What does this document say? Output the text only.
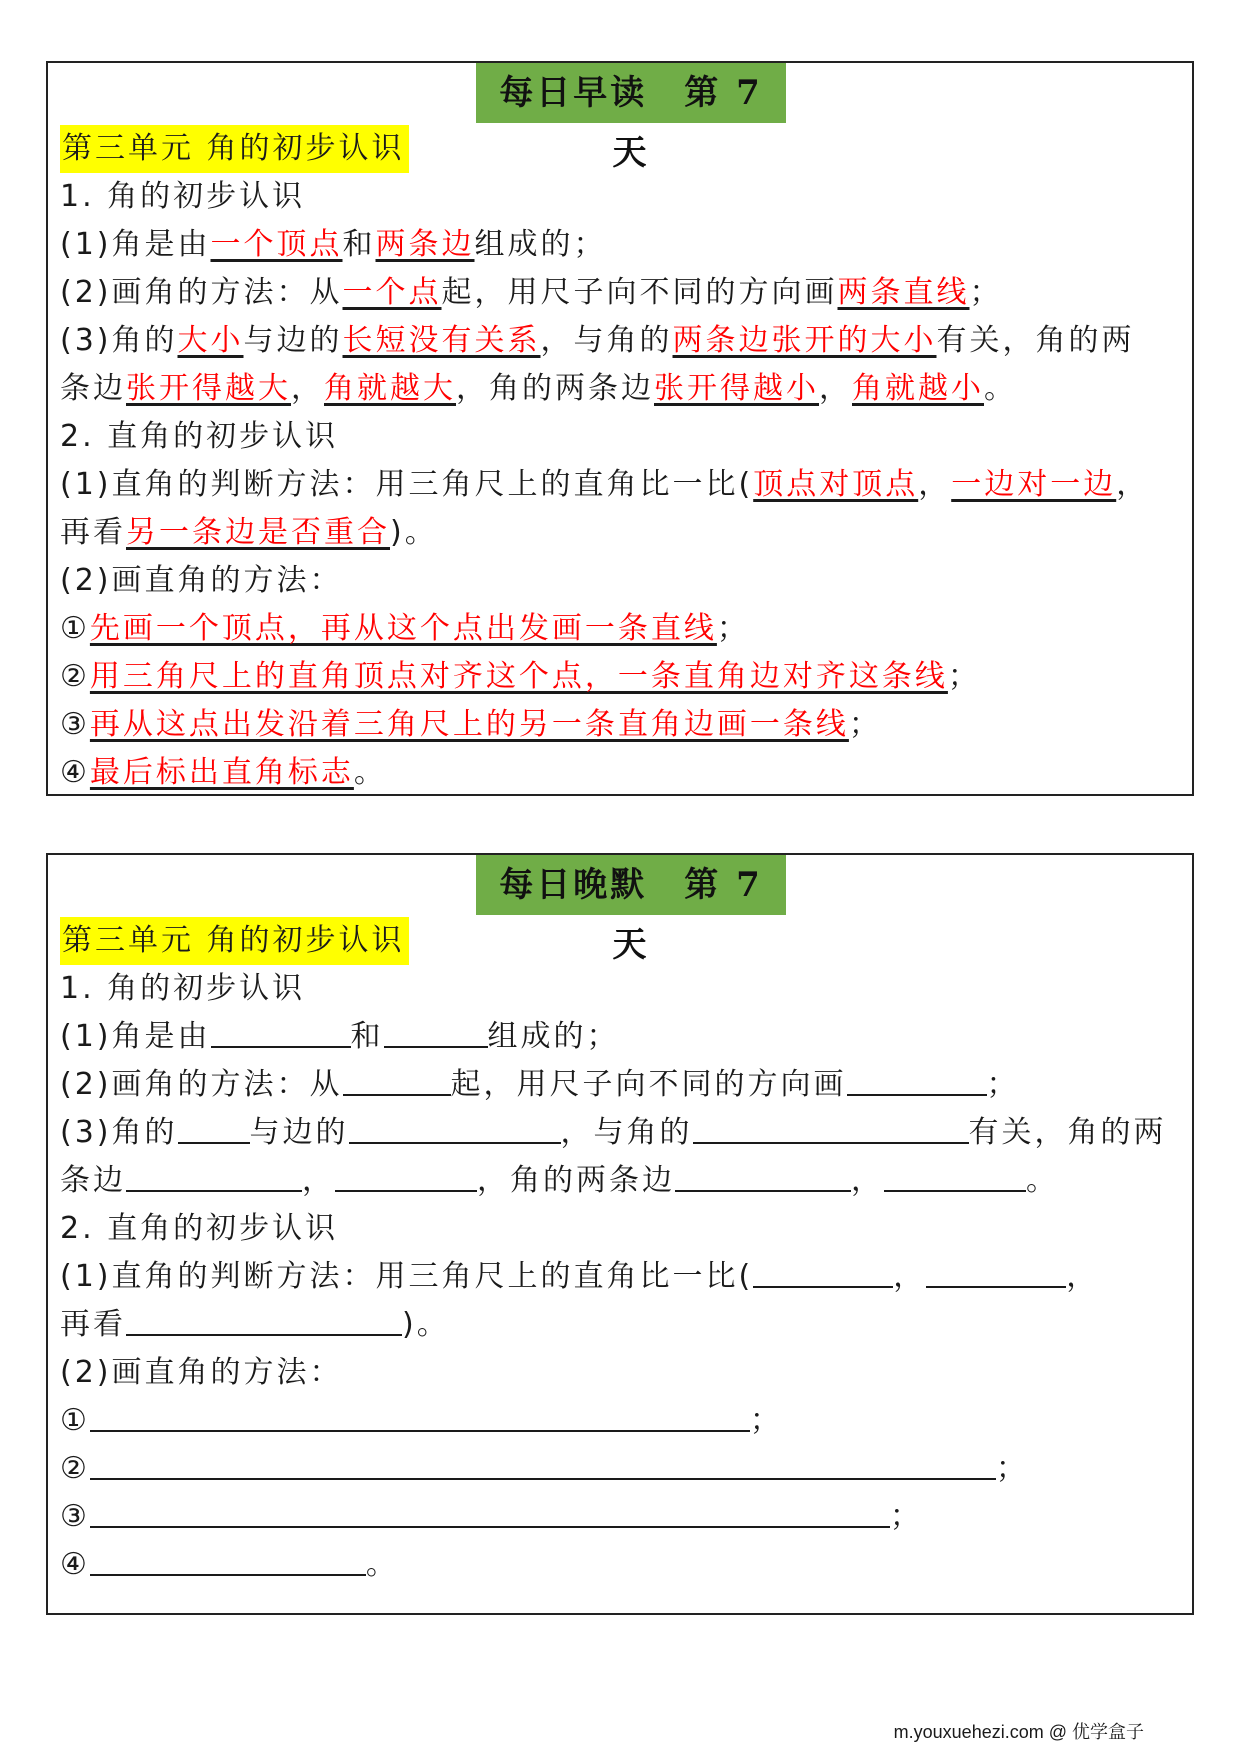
每日早读　第 7 天
第三单元 角的初步认识
1. 角的初步认识
(1)角是由一个顶点和两条边组成的；
(2)画角的方法：从一个点起，用尺子向不同的方向画两条直线；
(3)角的大小与边的长短没有关系，与角的两条边张开的大小有关，角的两
条边张开得越大，角就越大，角的两条边张开得越小，角就越小。
2. 直角的初步认识
(1)直角的判断方法：用三角尺上的直角比一比(顶点对顶点，一边对一边，
再看另一条边是否重合)。
(2)画直角的方法：
①先画一个顶点，再从这个点出发画一条直线；
②用三角尺上的直角顶点对齐这个点，一条直角边对齐这条线；
③再从这点出发沿着三角尺上的另一条直角边画一条线；
④最后标出直角标志。
每日晚默　第 7 天
第三单元 角的初步认识
1. 角的初步认识
(1)角是由	和	组成的；
(2)画角的方法：从	起，用尺子向不同的方向画	；
(3)角的 与边的	，与角的	有关，角的两
条边	，	，角的两条边	，	。
2. 直角的初步认识
(1)直角的判断方法：用三角尺上的直角比一比(	，	，
再看	)。
(2)画直角的方法：
①	；
②	；
③	；
④	。
m.youxuehezi.com @ 优学盒子
